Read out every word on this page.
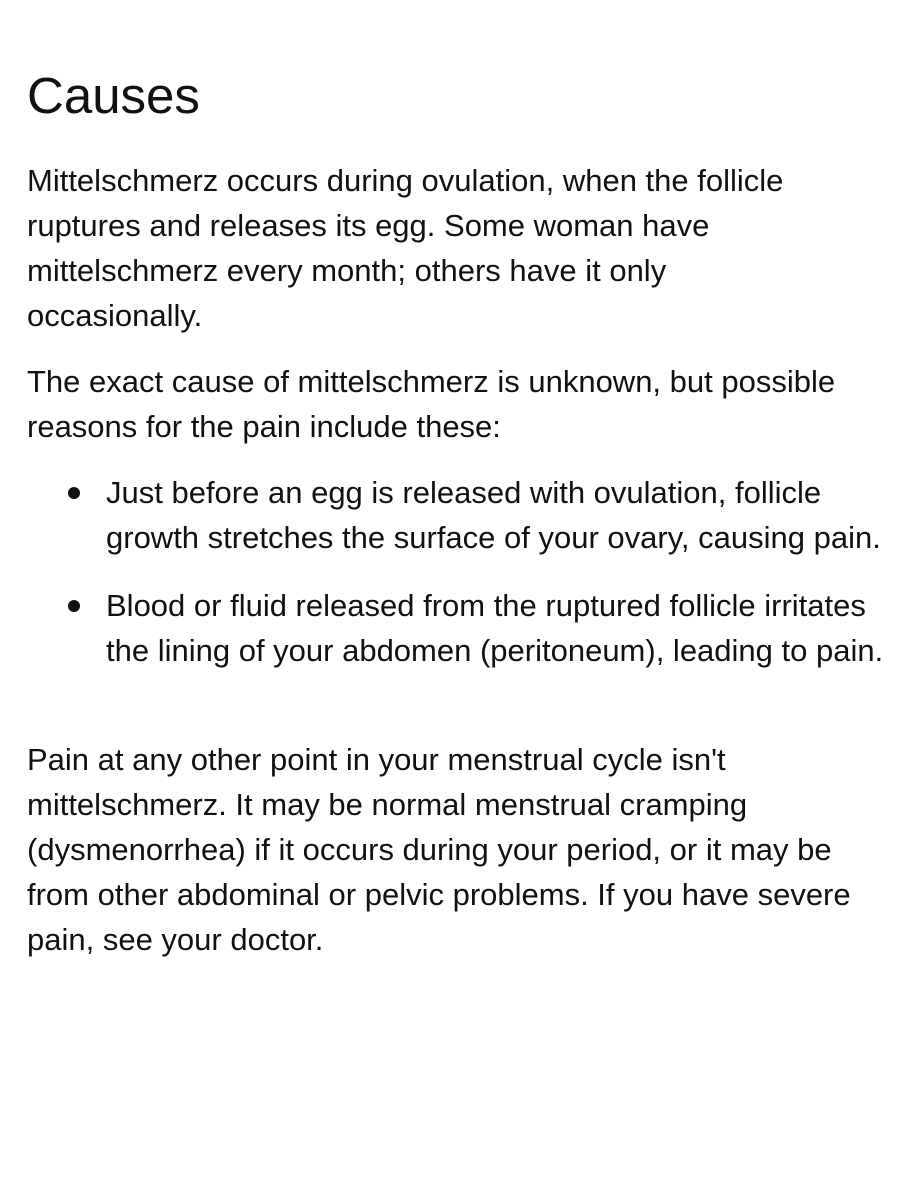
Causes

Mittelschmerz occurs during ovulation, when the follicle ruptures and releases its egg. Some woman have mittelschmerz every month; others have it only occasionally.

The exact cause of mittelschmerz is unknown, but possible reasons for the pain include these:

Just before an egg is released with ovulation, follicle growth stretches the surface of your ovary, causing pain.
Blood or fluid released from the ruptured follicle irritates the lining of your abdomen (peritoneum), leading to pain.

Pain at any other point in your menstrual cycle isn't mittelschmerz. It may be normal menstrual cramping (dysmenorrhea) if it occurs during your period, or it may be from other abdominal or pelvic problems. If you have severe pain, see your doctor.
